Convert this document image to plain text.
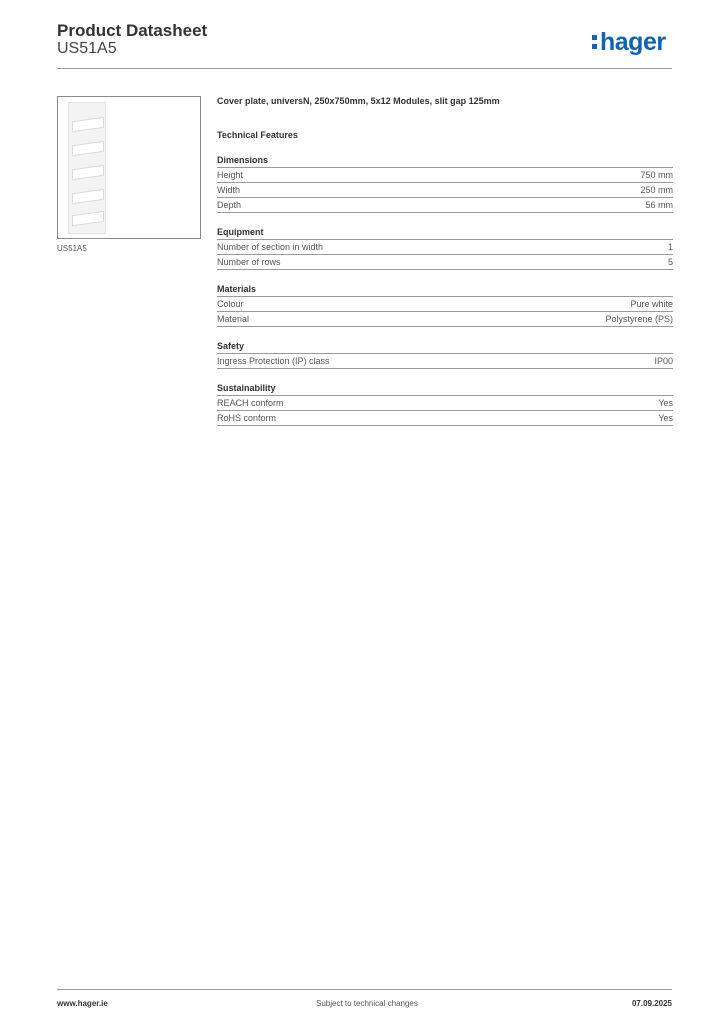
Product Datasheet
US51A5	hager
US51A5
Cover plate, universN, 250x750mm, 5x12 Modules, slit gap 125mm
Technical Features
Dimensions
Height	750 mm
Width	250 mm
Depth	56 mm
Equipment
Number of section in width	1
Number of rows	5
Materials
Colour	Pure white
Material	Polystyrene (PS)
Safety
Ingress Protection (IP) class	IP00
Sustainability
REACH conform	Yes
RoHS conform	Yes
www.hager.ie	Subject to technical changes	07.09.2025
